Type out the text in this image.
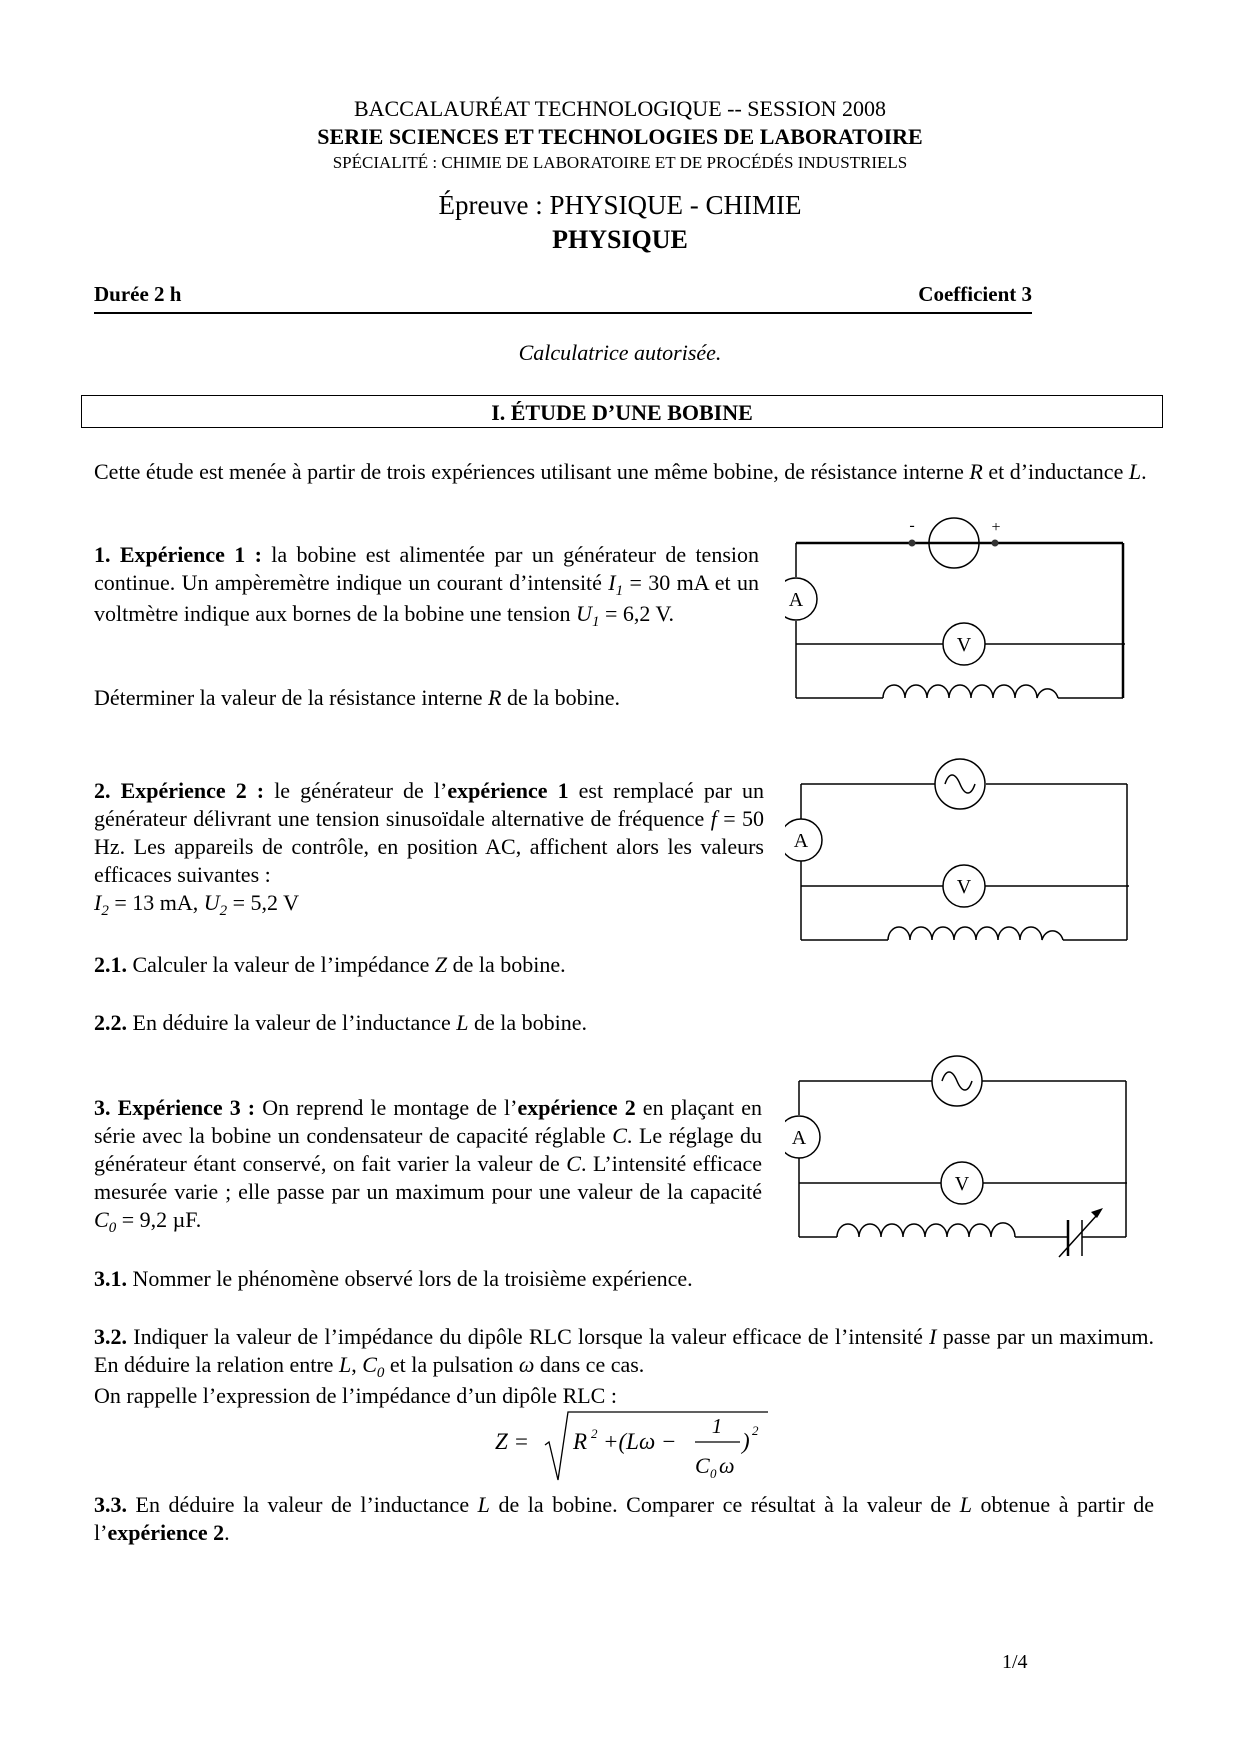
BACCALAURÉAT TECHNOLOGIQUE -- SESSION 2008
SERIE SCIENCES ET TECHNOLOGIES DE LABORATOIRE
SPÉCIALITÉ : CHIMIE DE LABORATOIRE ET DE PROCÉDÉS INDUSTRIELS
Épreuve : PHYSIQUE - CHIMIE
PHYSIQUE
Durée 2 h	Coefficient 3
Calculatrice autorisée.
I. ÉTUDE D’UNE BOBINE
Cette étude est menée à partir de trois expériences utilisant une même bobine, de résistance interne R et d’inductance L.
1. Expérience 1 : la bobine est alimentée par un générateur de tension continue. Un ampèremètre indique un courant d’intensité $I_1 = 30$ mA et un voltmètre indique aux bornes de la bobine une tension $U_1 = 6,2$ V.
Déterminer la valeur de la résistance interne R de la bobine.
-	+
A
V
2. Expérience 2 : le générateur de l’expérience 1 est remplacé par un générateur délivrant une tension sinusoïdale alternative de fréquence f = 50 Hz. Les appareils de contrôle, en position AC, affichent alors les valeurs efficaces suivantes :
$I_2 = 13$ mA, $U_2 = 5,2$ V
2.1. Calculer la valeur de l’impédance Z de la bobine.
2.2. En déduire la valeur de l’inductance L de la bobine.
A
V
3. Expérience 3 : On reprend le montage de l’expérience 2 en plaçant en série avec la bobine un condensateur de capacité réglable C. Le réglage du générateur étant conservé, on fait varier la valeur de C. L’intensité efficace mesurée varie ; elle passe par un maximum pour une valeur de la capacité $C_0 = 9,2$ µF.
3.1. Nommer le phénomène observé lors de la troisième expérience.
3.2. Indiquer la valeur de l’impédance du dipôle RLC lorsque la valeur efficace de l’intensité I passe par un maximum. En déduire la relation entre L, $C_0$ et la pulsation ω dans ce cas.
On rappelle l’expression de l’impédance d’un dipôle RLC :
Z = R 2 +(Lω −
1
C 0 ω
) 2
3.3. En déduire la valeur de l’inductance L de la bobine. Comparer ce résultat à la valeur de L obtenue à partir de l’expérience 2.
A
V
1/4
